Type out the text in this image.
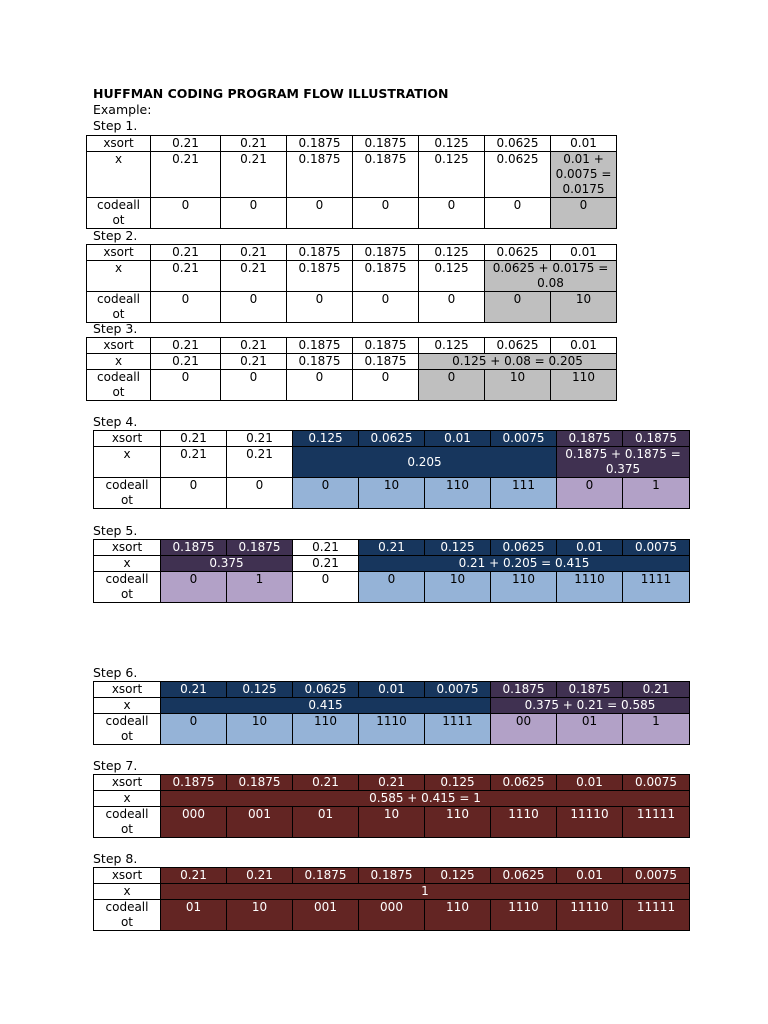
HUFFMAN CODING PROGRAM FLOW ILLUSTRATION
Example:
Step 1.
xsort	0.21	0.21	0.1875	0.1875	0.125	0.0625	0.01	
x	0.21	0.21	0.1875	0.1875	0.125	0.0625	0.01 + 0.0075 = 0.0175	

codeall
ot	0	0	0	0	0	0	0	
Step 2.
xsort	0.21	0.21	0.1875	0.1875	0.125	0.0625	0.01	
x	0.21	0.21	0.1875	0.1875	0.125	0.0625 + 0.0175 = 0.08		

codeall
ot	0	0	0	0	0	0	10	
Step 3.
xsort	0.21	0.21	0.1875	0.1875	0.125	0.0625	0.01	
x	0.21	0.21	0.1875	0.1875	0.125 + 0.08 = 0.205			

codeall
ot	0	0	0	0	0	10	110	
Step 4.
xsort	0.21	0.21	0.125	0.0625	0.01	0.0075	0.1875	0.1875
x	0.21	0.21	0.205				0.1875 + 0.1875 = 0.375	

codeall
ot	0	0	0	10	110	111	0	1
Step 5.
xsort	0.1875	0.1875	0.21	0.21	0.125	0.0625	0.01	0.0075
x	0.375		0.21	0.21 + 0.205 = 0.415				

codeall
ot	0	1	0	0	10	110	1110	1111
Step 6.
xsort	0.21	0.125	0.0625	0.01	0.0075	0.1875	0.1875	0.21
x	0.415					0.375 + 0.21 = 0.585		

codeall
ot	0	10	110	1110	1111	00	01	1
Step 7.
xsort	0.1875	0.1875	0.21	0.21	0.125	0.0625	0.01	0.0075
x	0.585 + 0.415 = 1							

codeall
ot	000	001	01	10	110	1110	11110	11111
Step 8.
xsort	0.21	0.21	0.1875	0.1875	0.125	0.0625	0.01	0.0075
x	1							

codeall
ot	01	10	001	000	110	1110	11110	11111
